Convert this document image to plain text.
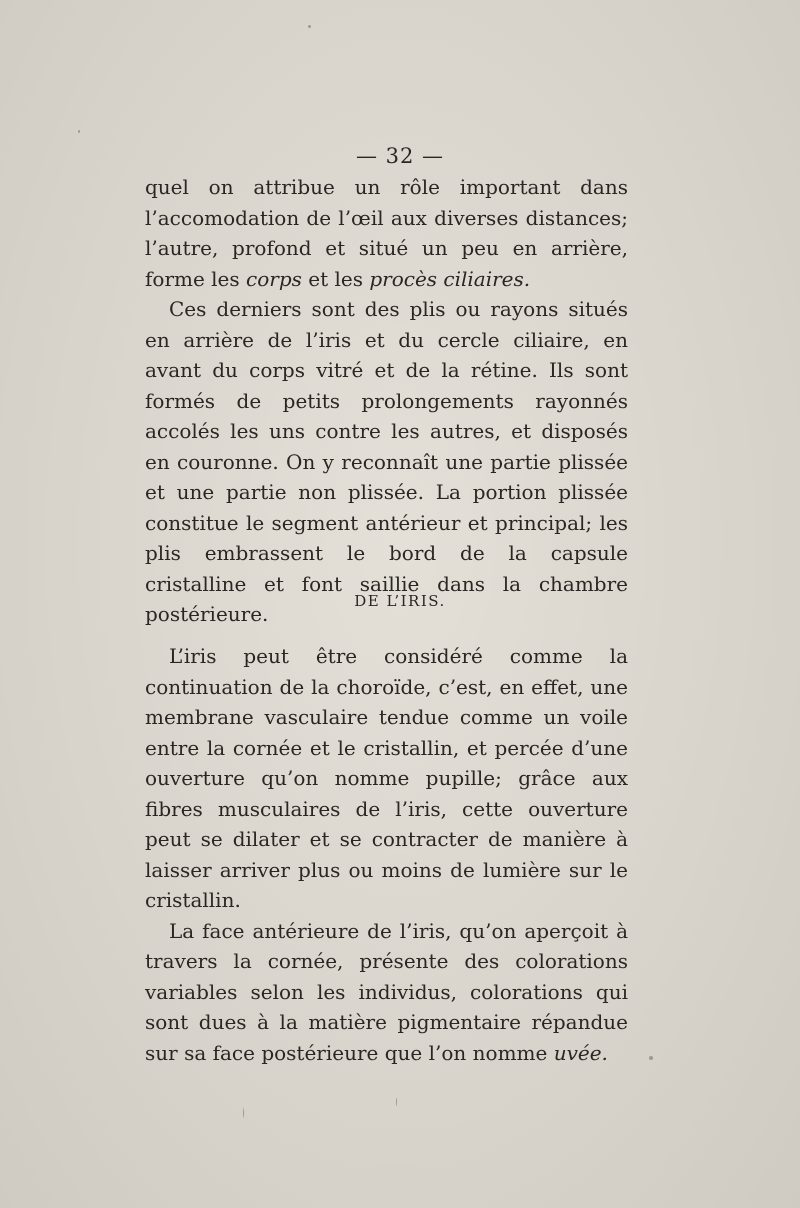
— 32 —

quel on attribue un rôle important dans l’accomodation de l’œil aux diverses distances; l’autre, profond et situé un peu en arrière, forme les corps et les procès ciliaires.

Ces derniers sont des plis ou rayons situés en arrière de l’iris et du cercle ciliaire, en avant du corps vitré et de la rétine. Ils sont formés de petits prolongements rayonnés accolés les uns contre les autres, et disposés en couronne. On y reconnaît une partie plissée et une partie non plissée. La portion plissée constitue le segment antérieur et principal; les plis embrassent le bord de la capsule cristalline et font saillie dans la chambre postérieure.

DE L’IRIS.

L’iris peut être considéré comme la continuation de la choroïde, c’est, en effet, une membrane vasculaire tendue comme un voile entre la cornée et le cristallin, et percée d’une ouverture qu’on nomme pupille; grâce aux fibres musculaires de l’iris, cette ouverture peut se dilater et se contracter de manière à laisser arriver plus ou moins de lumière sur le cristallin.

La face antérieure de l’iris, qu’on aperçoit à travers la cornée, présente des colorations variables selon les individus, colorations qui sont dues à la matière pigmentaire répandue sur sa face postérieure que l’on nomme uvée.
